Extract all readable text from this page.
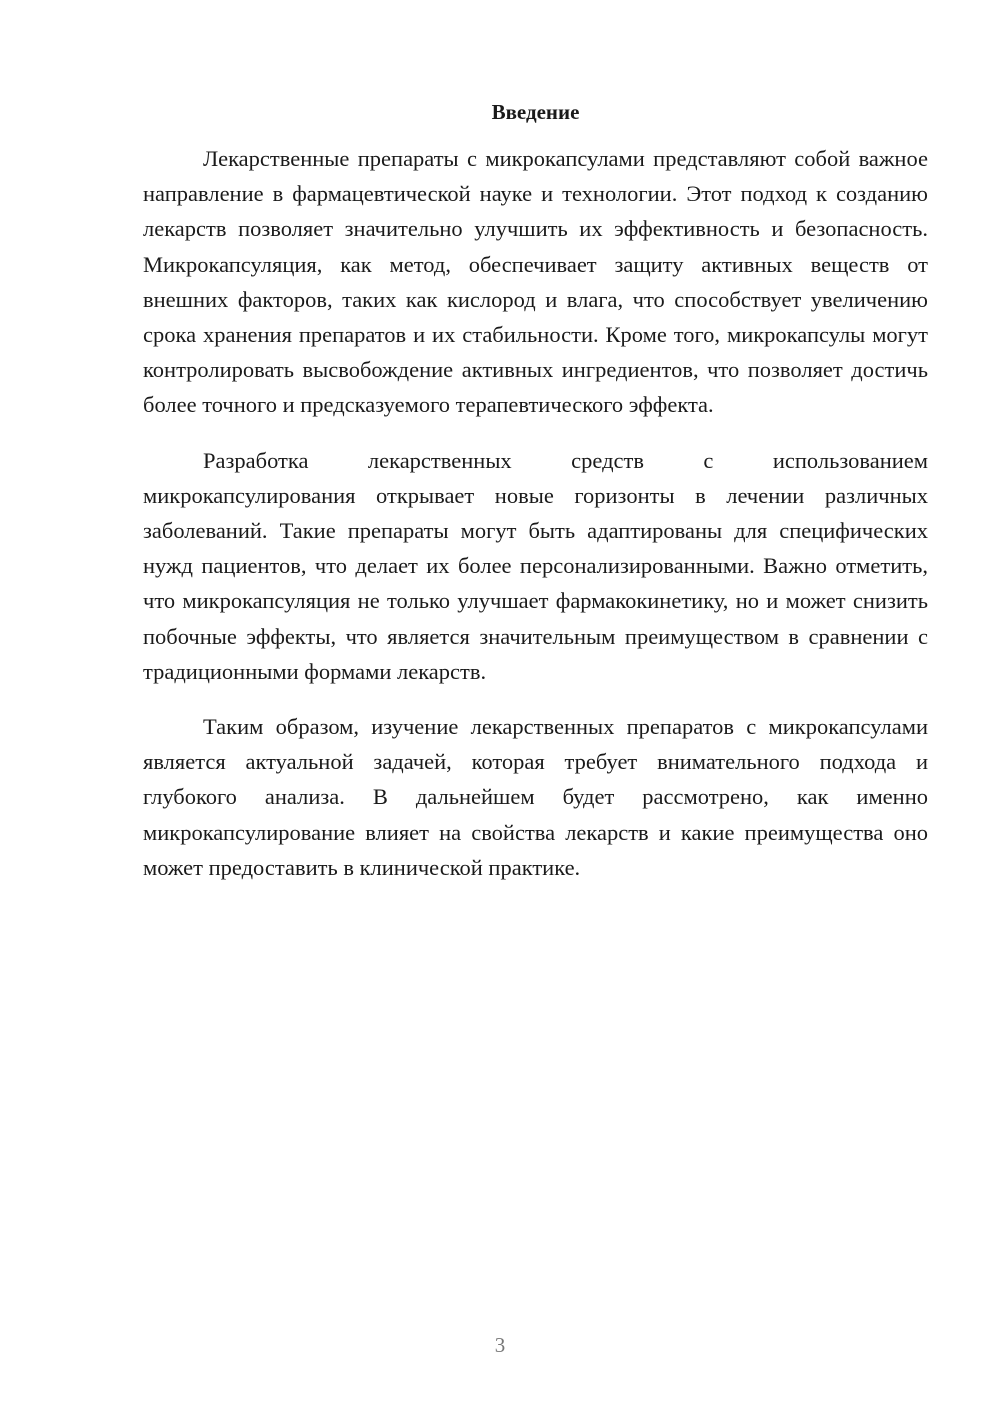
Введение

Лекарственные препараты с микрокапсулами представляют собой важное направление в фармацевтической науке и технологии. Этот подход к созданию лекарств позволяет значительно улучшить их эффективность и безопасность. Микрокапсуляция, как метод, обеспечивает защиту активных веществ от внешних факторов, таких как кислород и влага, что способствует увеличению срока хранения препаратов и их стабильности. Кроме того, микрокапсулы могут контролировать высвобождение активных ингредиентов, что позволяет достичь более точного и предсказуемого терапевтического эффекта.

Разработка лекарственных средств с использованием микрокапсулирования открывает новые горизонты в лечении различных заболеваний. Такие препараты могут быть адаптированы для специфических нужд пациентов, что делает их более персонализированными. Важно отметить, что микрокапсуляция не только улучшает фармакокинетику, но и может снизить побочные эффекты, что является значительным преимуществом в сравнении с традиционными формами лекарств.

Таким образом, изучение лекарственных препаратов с микрокапсулами является актуальной задачей, которая требует внимательного подхода и глубокого анализа. В дальнейшем будет рассмотрено, как именно микрокапсулирование влияет на свойства лекарств и какие преимущества оно может предоставить в клинической практике.

3
